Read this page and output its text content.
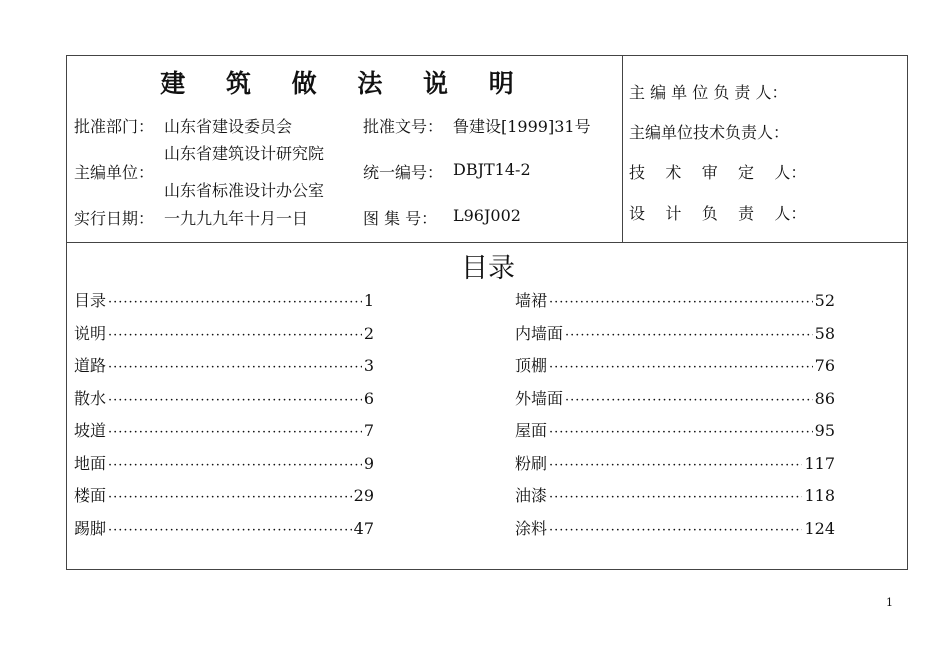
建 筑 做 法 说 明
批准部门： 山东省建设委员会	批准文号： 鲁建设[1999]31号
主编单位：
山东省建筑设计研究院
山东省标准设计办公室
统一编号： DBJT14-2
实行日期： 一九九九年十月一日	图 集 号： L96J002
主 编 单 位 负 责 人：
主编单位技术负责人：
技    术    审    定    人：
设    计    负    责    人：
目录
目录 ·····	1
说明 ·····	2
道路 ·····	3
散水 ·····	6
坡道 ·····	7
地面 ·····	9
楼面 ·····	29
踢脚 ·····	47
墙裙 ·····	52
内墙面 ·····	58
顶棚 ·····	76
外墙面 ·····	86
屋面 ·····	95
粉刷 ·····	117
油漆 ·····	118
涂料 ·····	124
1
